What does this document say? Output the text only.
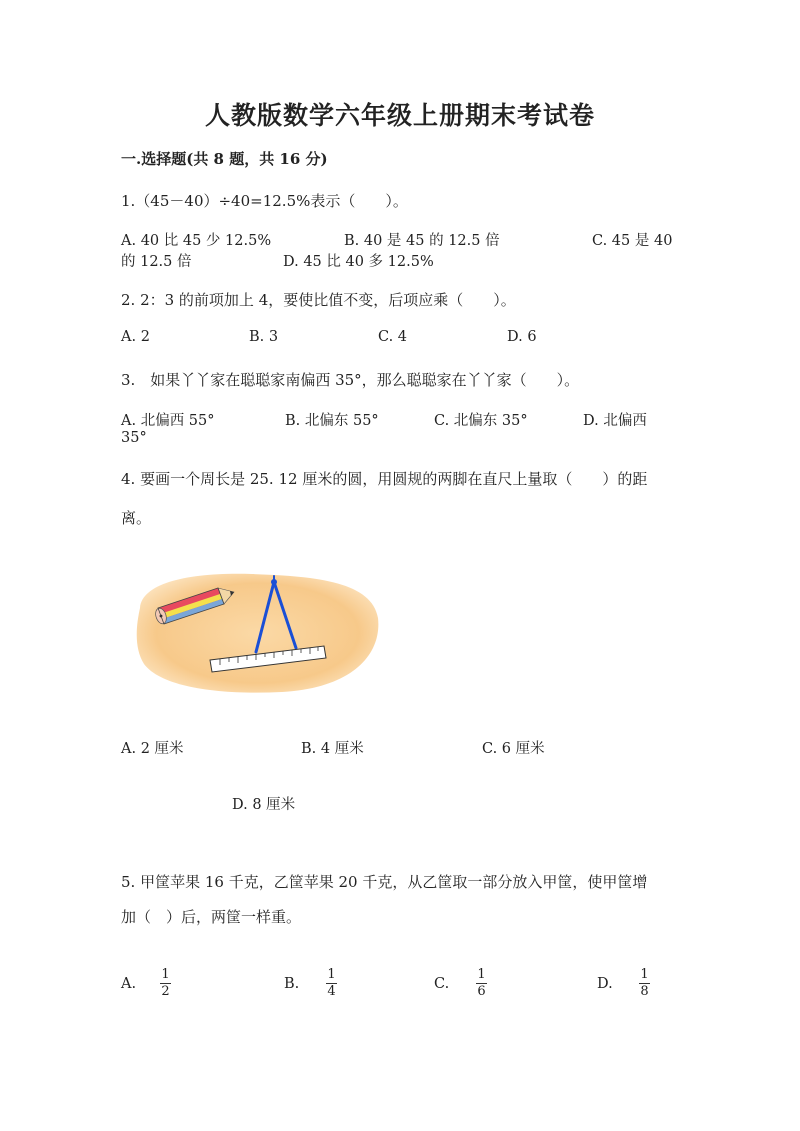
人教版数学六年级上册期末考试卷
一.选择题(共 8 题，共 16 分)
1.（45－40）÷40=12.5%表示（　　）。
A. 40 比 45 少 12.5%	B. 40 是 45 的 12.5 倍	C. 45 是 40
的 12.5 倍	D. 45 比 40 多 12.5%
2. 2：3 的前项加上 4，要使比值不变，后项应乘（　　）。
A. 2	B. 3	C. 4	D. 6
3.　如果丫丫家在聪聪家南偏西 35°，那么聪聪家在丫丫家（　　）。
A. 北偏西 55°	B. 北偏东 55°	C. 北偏东 35°	D. 北偏西
35°
4. 要画一个周长是 25. 12 厘米的圆，用圆规的两脚在直尺上量取（　　）的距
离。
A. 2 厘米	B. 4 厘米	C. 6 厘米
D. 8 厘米
5. 甲筐苹果 16 千克，乙筐苹果 20 千克，从乙筐取一部分放入甲筐，使甲筐增
加（　）后，两筐一样重。
A.
1
2	B.
1
4	C.
1
6	D.
1
8
